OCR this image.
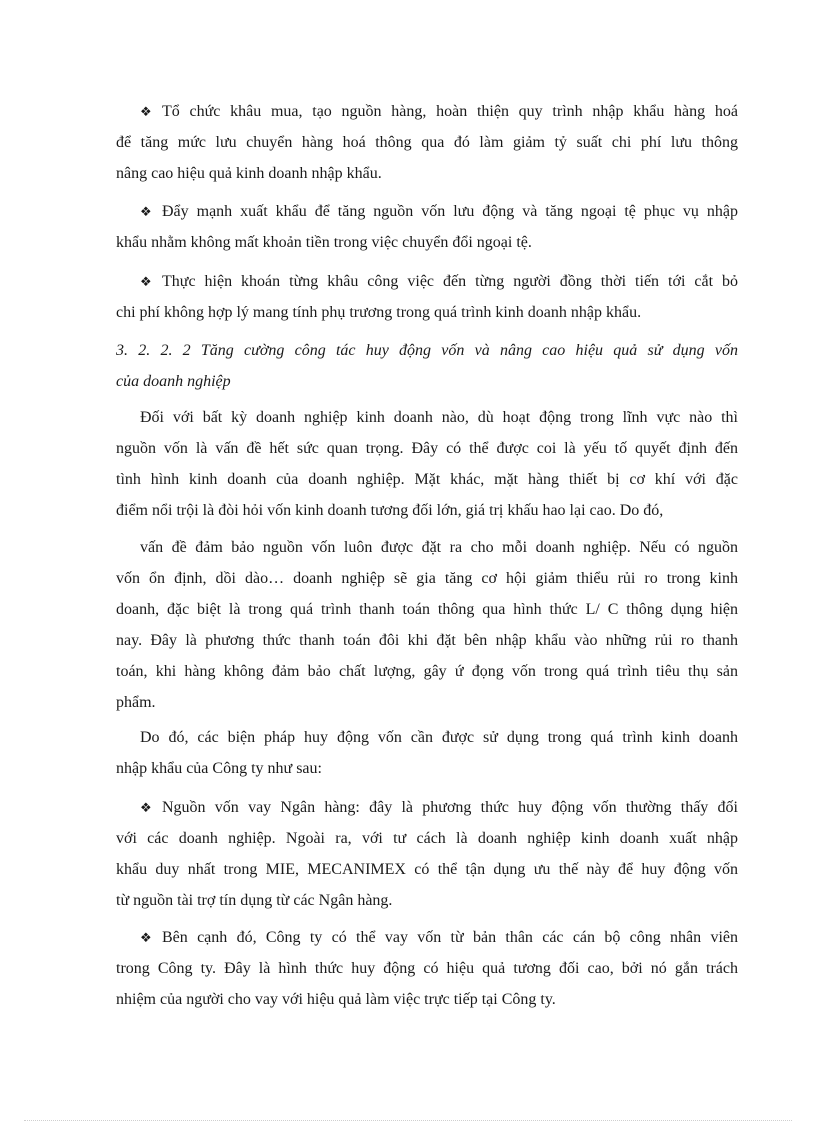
❖ Tổ chức khâu mua, tạo nguồn hàng, hoàn thiện quy trình nhập khẩu hàng hoá
để tăng mức lưu chuyển hàng hoá thông qua đó làm giảm tỷ suất chi phí lưu thông
nâng cao hiệu quả kinh doanh nhập khẩu.
❖ Đẩy mạnh xuất khẩu để tăng nguồn vốn lưu động và tăng ngoại tệ phục vụ nhập
khẩu nhằm không mất khoản tiền trong việc chuyển đổi ngoại tệ.
❖ Thực hiện khoán từng khâu công việc đến từng người đồng thời tiến tới cắt bỏ
chi phí không hợp lý mang tính phụ trương trong quá trình kinh doanh nhập khẩu.
3. 2. 2. 2 Tăng cường công tác huy động vốn và nâng cao hiệu quả sử dụng vốn
của doanh nghiệp
Đối với bất kỳ doanh nghiệp kinh doanh nào, dù hoạt động trong lĩnh vực nào thì
nguồn vốn là vấn đề hết sức quan trọng. Đây có thể được coi là yếu tố quyết định đến
tình hình kinh doanh của doanh nghiệp. Mặt khác, mặt hàng thiết bị cơ khí với đặc
điểm nổi trội là đòi hỏi vốn kinh doanh tương đối lớn, giá trị khấu hao lại cao. Do đó,
vấn đề đảm bảo nguồn vốn luôn được đặt ra cho mỗi doanh nghiệp. Nếu có nguồn
vốn ổn định, dồi dào… doanh nghiệp sẽ gia tăng cơ hội giảm thiểu rủi ro trong kinh
doanh, đặc biệt là trong quá trình thanh toán thông qua hình thức L/ C thông dụng hiện
nay. Đây là phương thức thanh toán đôi khi đặt bên nhập khẩu vào những rủi ro thanh
toán, khi hàng không đảm bảo chất lượng, gây ứ đọng vốn trong quá trình tiêu thụ sản
phẩm.
Do đó, các biện pháp huy động vốn cần được sử dụng trong quá trình kinh doanh
nhập khẩu của Công ty như sau:
❖ Nguồn vốn vay Ngân hàng: đây là phương thức huy động vốn thường thấy đối
với các doanh nghiệp. Ngoài ra, với tư cách là doanh nghiệp kinh doanh xuất nhập
khẩu duy nhất trong MIE, MECANIMEX có thể tận dụng ưu thế này để huy động vốn
từ nguồn tài trợ tín dụng từ các Ngân hàng.
❖ Bên cạnh đó, Công ty có thể vay vốn từ bản thân các cán bộ công nhân viên
trong Công ty. Đây là hình thức huy động có hiệu quả tương đối cao, bởi nó gắn trách
nhiệm của người cho vay với hiệu quả làm việc trực tiếp tại Công ty.
